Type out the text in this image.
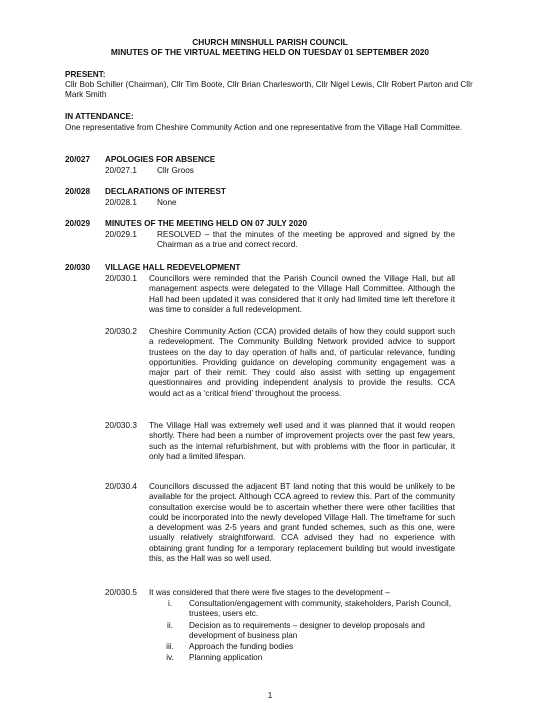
CHURCH MINSHULL PARISH COUNCIL
MINUTES OF THE VIRTUAL MEETING HELD ON TUESDAY 01 SEPTEMBER 2020
PRESENT:
Cllr Bob Schiller (Chairman), Cllr Tim Boote, Cllr Brian Charlesworth, Cllr Nigel Lewis, Cllr Robert Parton and Cllr Mark Smith
IN ATTENDANCE:
One representative from Cheshire Community Action and one representative from the Village Hall Committee.
20/027 APOLOGIES FOR ABSENCE
20/027.1 Cllr Groos
20/028 DECLARATIONS OF INTEREST
20/028.1 None
20/029 MINUTES OF THE MEETING HELD ON 07 JULY 2020
20/029.1 RESOLVED – that the minutes of the meeting be approved and signed by the Chairman as a true and correct record.
20/030 VILLAGE HALL REDEVELOPMENT
20/030.1 Councillors were reminded that the Parish Council owned the Village Hall, but all management aspects were delegated to the Village Hall Committee. Although the Hall had been updated it was considered that it only had limited time left therefore it was time to consider a full redevelopment.
20/030.2 Cheshire Community Action (CCA) provided details of how they could support such a redevelopment. The Community Building Network provided advice to support trustees on the day to day operation of halls and, of particular relevance, funding opportunities. Providing guidance on developing community engagement was a major part of their remit. They could also assist with setting up engagement questionnaires and providing independent analysis to provide the results. CCA would act as a ‘critical friend’ throughout the process.
20/030.3 The Village Hall was extremely well used and it was planned that it would reopen shortly. There had been a number of improvement projects over the past few years, such as the internal refurbishment, but with problems with the floor in particular, it only had a limited lifespan.
20/030.4 Councillors discussed the adjacent BT land noting that this would be unlikely to be available for the project. Although CCA agreed to review this. Part of the community consultation exercise would be to ascertain whether there were other facilities that could be incorporated into the newly developed Village Hall. The timeframe for such a development was 2-5 years and grant funded schemes, such as this one, were usually relatively straightforward. CCA advised they had no experience with obtaining grant funding for a temporary replacement building but would investigate this, as the Hall was so well used.
20/030.5 It was considered that there were five stages to the development –
i.	Consultation/engagement with community, stakeholders, Parish Council, trustees, users etc.
ii.	Decision as to requirements – designer to develop proposals and development of business plan
iii.	Approach the funding bodies
iv.	Planning application
1
